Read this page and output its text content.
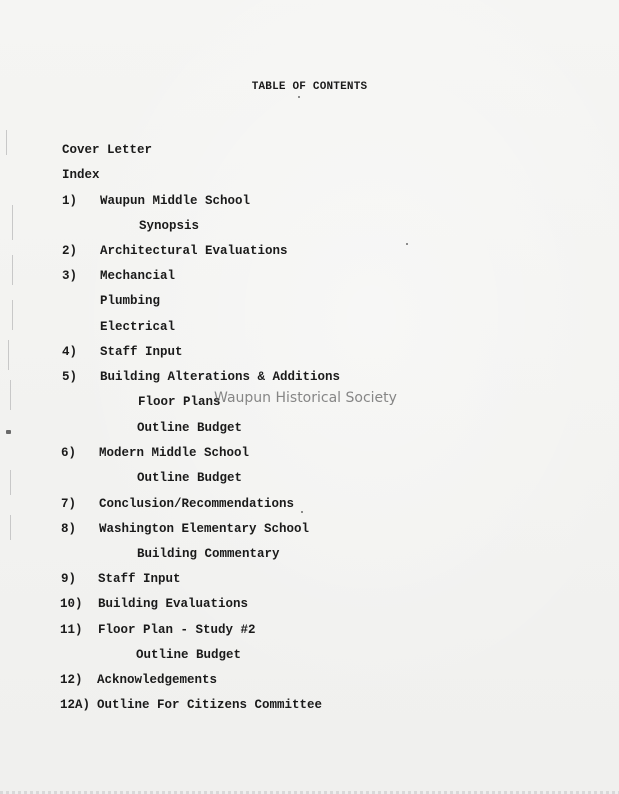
TABLE OF CONTENTS
Cover Letter
Index
1) Waupun Middle School
Synopsis
2) Architectural Evaluations
3) Mechancial
Plumbing
Electrical
4) Staff Input
5) Building Alterations & Additions
Floor Plans
Outline Budget
6) Modern Middle School
Outline Budget
7) Conclusion/Recommendations
8) Washington Elementary School
Building Commentary
9) Staff Input
10) Building Evaluations
11) Floor Plan - Study #2
Outline Budget
12) Acknowledgements
12A) Outline For Citizens Committee
Waupun Historical Society
